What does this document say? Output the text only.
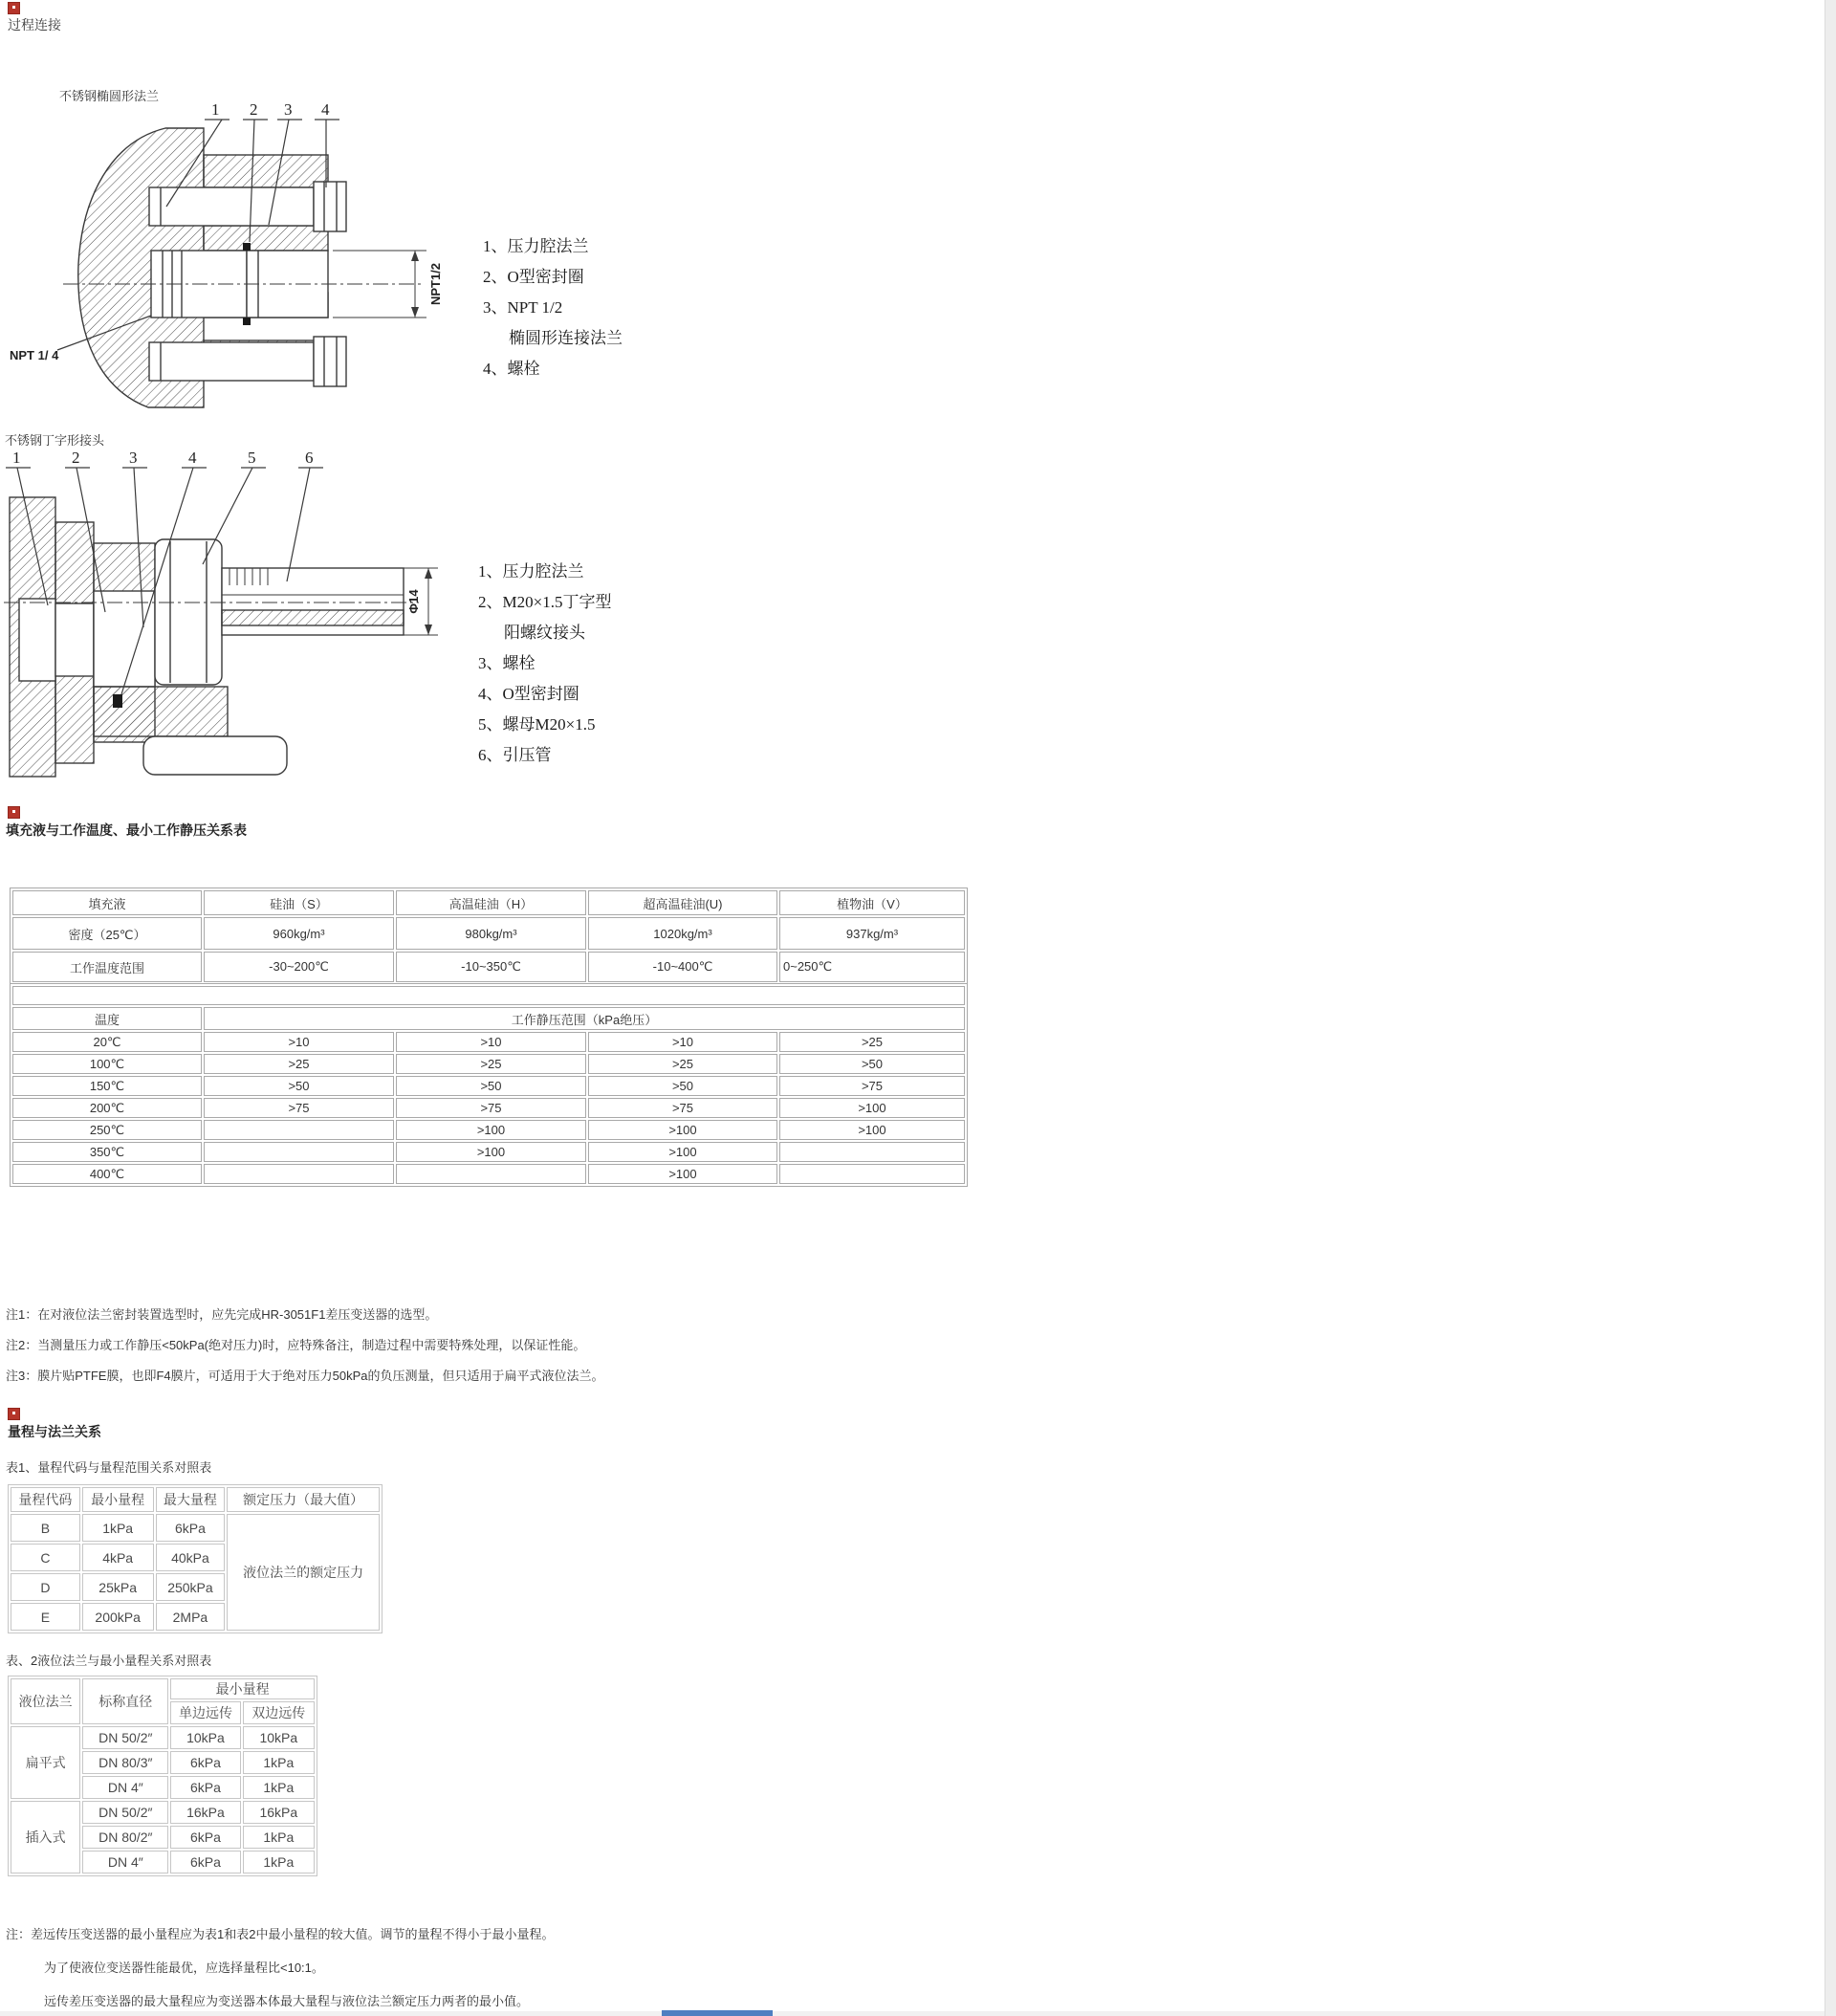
过程连接
不锈钢椭圆形法兰
1 2 3 4
NPT 1/ 4
NPT1/2
1、压力腔法兰
2、O型密封圈
3、NPT 1/2
椭圆形连接法兰
4、螺栓
不锈钢丁字形接头
1	2	3	4	5	6
Φ14
1、压力腔法兰
2、M20×1.5丁字型
阳螺纹接头
3、螺栓
4、O型密封圈
5、螺母M20×1.5
6、引压管
填充液与工作温度、最小工作静压关系表
填充液	硅油（S）	高温硅油（H）	超高温硅油(U)	植物油（V）
密度（25℃）	960kg/m³	980kg/m³	1020kg/m³	937kg/m³
工作温度范围	-30~200℃	-10~350℃	-10~400℃	0~250℃

温度	工作静压范围（kPa绝压）			
20℃	>10	>10	>10	>25
100℃	>25	>25	>25	>50
150℃	>50	>50	>50	>75
200℃	>75	>75	>75	>100
250℃		>100	>100	>100
350℃		>100	>100	
400℃			>100	
注1：在对液位法兰密封装置选型时，应先完成HR-3051F1差压变送器的选型。
注2：当测量压力或工作静压<50kPa(绝对压力)时，应特殊备注，制造过程中需要特殊处理，以保证性能。
注3：膜片贴PTFE膜，也即F4膜片，可适用于大于绝对压力50kPa的负压测量，但只适用于扁平式液位法兰。
量程与法兰关系
表1、量程代码与量程范围关系对照表
量程代码	最小量程	最大量程	额定压力（最大值）
B	1kPa	6kPa	液位法兰的额定压力
C	4kPa	40kPa	
D	25kPa	250kPa	
E	200kPa	2MPa	
表、2液位法兰与最小量程关系对照表
液位法兰	标称直径	最小量程	
		单边远传	双边远传
扁平式	DN 50/2″	10kPa	10kPa
	DN 80/3″	6kPa	1kPa
	DN 4″	6kPa	1kPa
插入式	DN 50/2″	16kPa	16kPa
	DN 80/2″	6kPa	1kPa
	DN 4″	6kPa	1kPa
注：差远传压变送器的最小量程应为表1和表2中最小量程的较大值。调节的量程不得小于最小量程。
为了使液位变送器性能最优，应选择量程比<10:1。
远传差压变送器的最大量程应为变送器本体最大量程与液位法兰额定压力两者的最小值。
